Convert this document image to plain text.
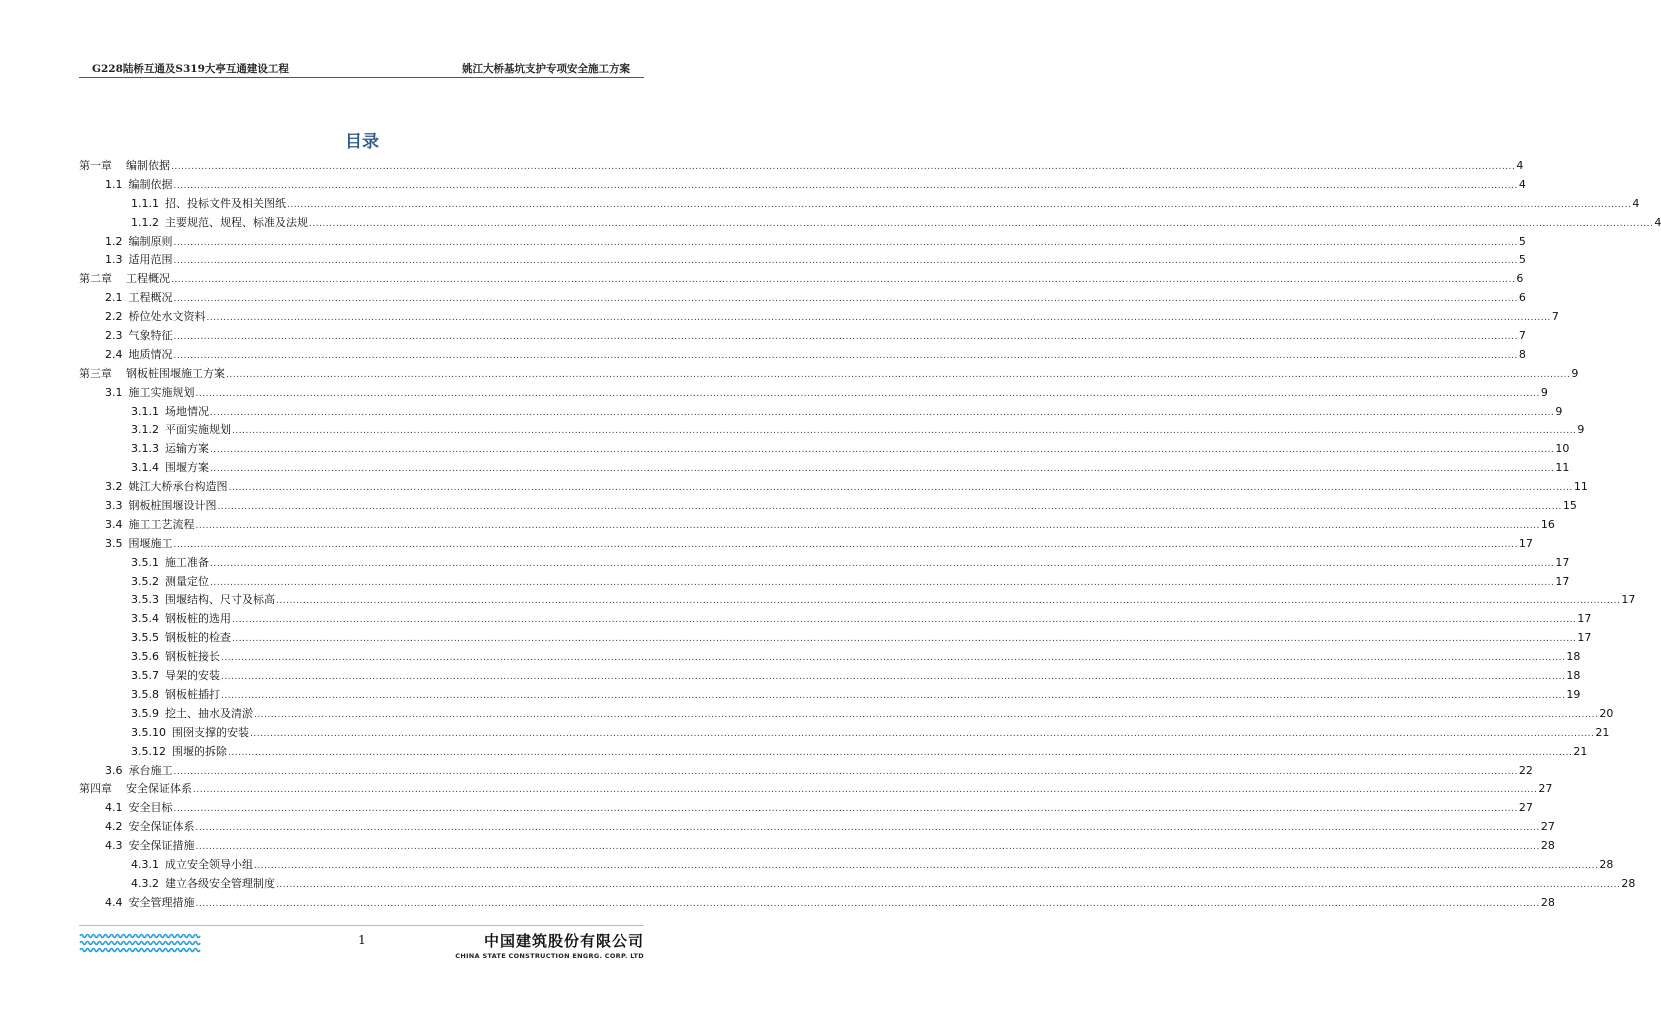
G228陆桥互通及S319大亭互通建设工程	姚江大桥基坑支护专项安全施工方案
目录
第一章 编制依据 ................................................................................................................................................................................................................................................................................................................................................................................................................ 4
1.1 编制依据 ................................................................................................................................................................................................................................................................................................................................................................................................................ 4
1.1.1 招、投标文件及相关图纸 ................................................................................................................................................................................................................................................................................................................................................................................................................ 4
1.1.2 主要规范、规程、标准及法规 ................................................................................................................................................................................................................................................................................................................................................................................................................ 4
1.2 编制原则 ................................................................................................................................................................................................................................................................................................................................................................................................................ 5
1.3 适用范围 ................................................................................................................................................................................................................................................................................................................................................................................................................ 5
第二章 工程概况 ................................................................................................................................................................................................................................................................................................................................................................................................................ 6
2.1 工程概况 ................................................................................................................................................................................................................................................................................................................................................................................................................ 6
2.2 桥位处水文资料 ................................................................................................................................................................................................................................................................................................................................................................................................................ 7
2.3 气象特征 ................................................................................................................................................................................................................................................................................................................................................................................................................ 7
2.4 地质情况 ................................................................................................................................................................................................................................................................................................................................................................................................................ 8
第三章 钢板桩围堰施工方案 ................................................................................................................................................................................................................................................................................................................................................................................................................ 9
3.1 施工实施规划 ................................................................................................................................................................................................................................................................................................................................................................................................................ 9
3.1.1 场地情况 ................................................................................................................................................................................................................................................................................................................................................................................................................ 9
3.1.2 平面实施规划 ................................................................................................................................................................................................................................................................................................................................................................................................................ 9
3.1.3 运输方案 ................................................................................................................................................................................................................................................................................................................................................................................................................ 10
3.1.4 围堰方案 ................................................................................................................................................................................................................................................................................................................................................................................................................ 11
3.2 姚江大桥承台构造图 ................................................................................................................................................................................................................................................................................................................................................................................................................ 11
3.3 钢板桩围堰设计图 ................................................................................................................................................................................................................................................................................................................................................................................................................ 15
3.4 施工工艺流程 ................................................................................................................................................................................................................................................................................................................................................................................................................ 16
3.5 围堰施工 ................................................................................................................................................................................................................................................................................................................................................................................................................ 17
3.5.1 施工准备 ................................................................................................................................................................................................................................................................................................................................................................................................................ 17
3.5.2 测量定位 ................................................................................................................................................................................................................................................................................................................................................................................................................ 17
3.5.3 围堰结构、尺寸及标高 ................................................................................................................................................................................................................................................................................................................................................................................................................ 17
3.5.4 钢板桩的选用 ................................................................................................................................................................................................................................................................................................................................................................................................................ 17
3.5.5 钢板桩的检查 ................................................................................................................................................................................................................................................................................................................................................................................................................ 17
3.5.6 钢板桩接长 ................................................................................................................................................................................................................................................................................................................................................................................................................ 18
3.5.7 导架的安装 ................................................................................................................................................................................................................................................................................................................................................................................................................ 18
3.5.8 钢板桩插打 ................................................................................................................................................................................................................................................................................................................................................................................................................ 19
3.5.9 挖土、抽水及清淤 ................................................................................................................................................................................................................................................................................................................................................................................................................ 20
3.5.10 围囹支撑的安装 ................................................................................................................................................................................................................................................................................................................................................................................................................ 21
3.5.12 围堰的拆除 ................................................................................................................................................................................................................................................................................................................................................................................................................ 21
3.6 承台施工 ................................................................................................................................................................................................................................................................................................................................................................................................................ 22
第四章 安全保证体系 ................................................................................................................................................................................................................................................................................................................................................................................................................ 27
4.1 安全目标 ................................................................................................................................................................................................................................................................................................................................................................................................................ 27
4.2 安全保证体系 ................................................................................................................................................................................................................................................................................................................................................................................................................ 27
4.3 安全保证措施 ................................................................................................................................................................................................................................................................................................................................................................................................................ 28
4.3.1 成立安全领导小组 ................................................................................................................................................................................................................................................................................................................................................................................................................ 28
4.3.2 建立各级安全管理制度 ................................................................................................................................................................................................................................................................................................................................................................................................................ 28
4.4 安全管理措施 ................................................................................................................................................................................................................................................................................................................................................................................................................ 28
1	中国建筑股份有限公司
CHINA STATE CONSTRUCTION ENGRG. CORP. LTD
